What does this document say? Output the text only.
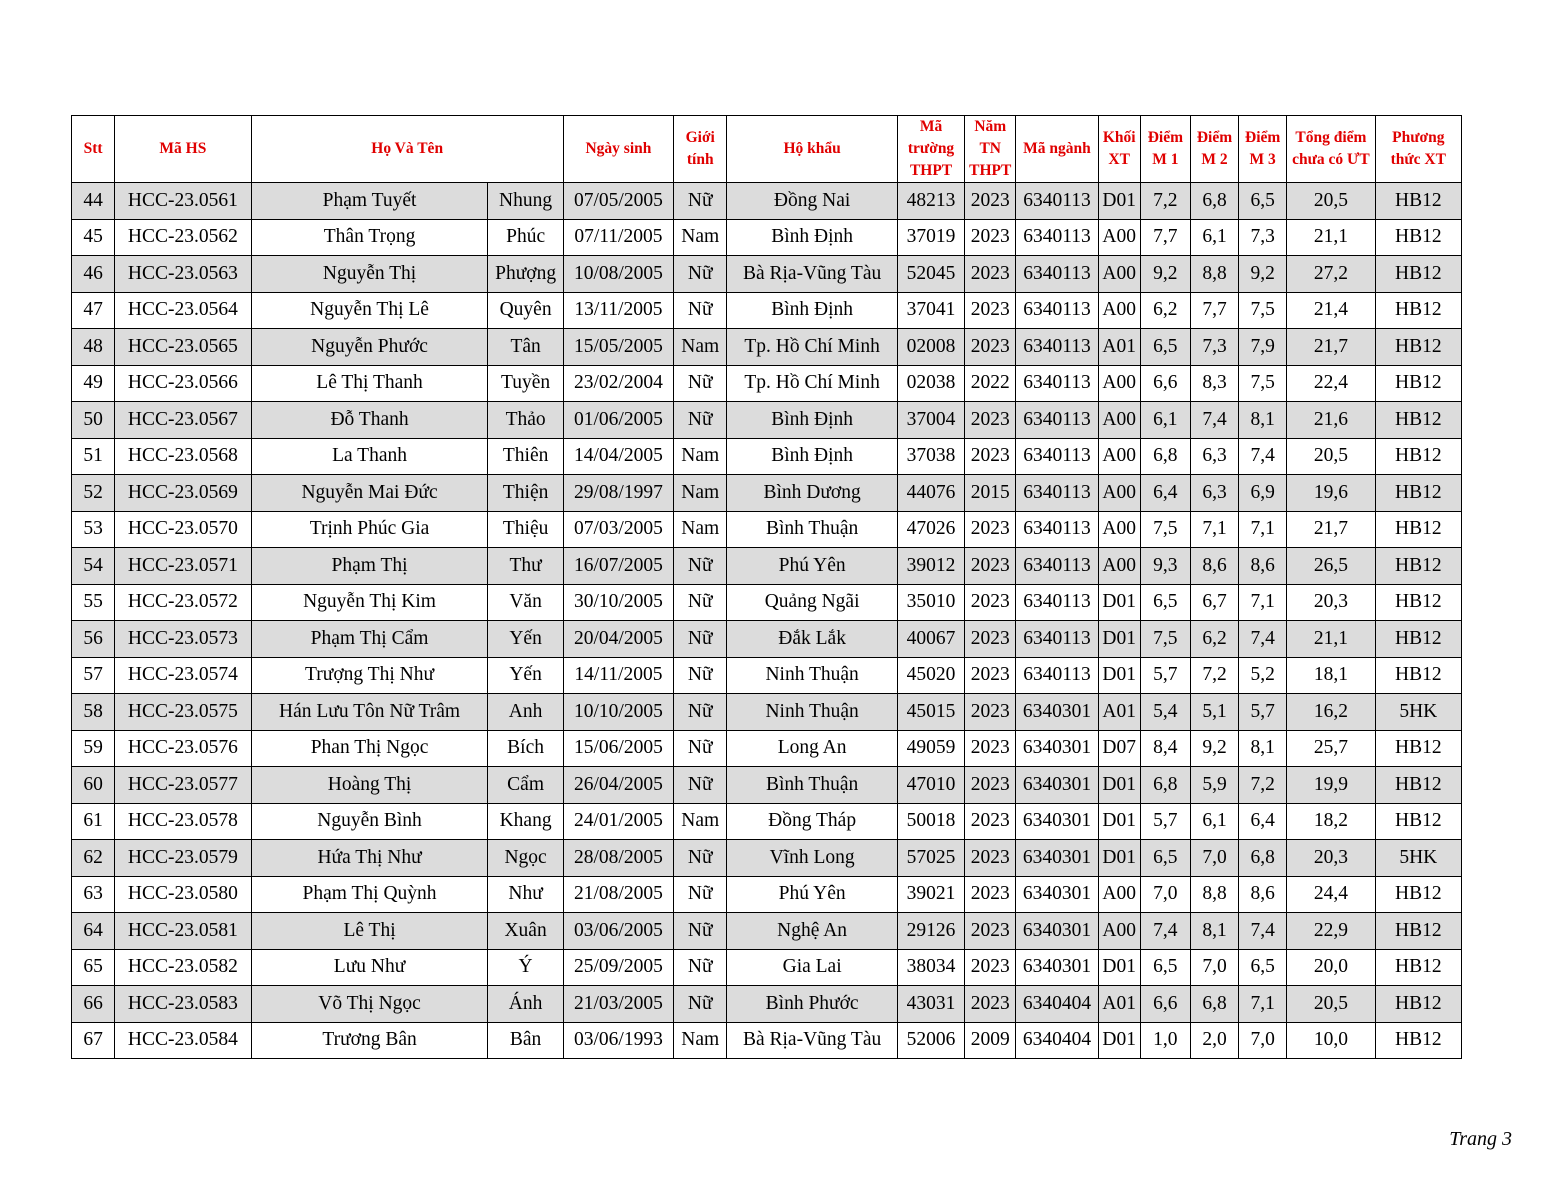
Stt	Mã HS	Họ Và Tên		Ngày sinh	Giới tính	Hộ khẩu	Mã trường THPT	Năm TN THPT	Mã ngành	Khối XT	Điểm M 1	Điểm M 2	Điểm M 3	Tổng điểm chưa có ƯT	Phương thức XT
44	HCC-23.0561	Phạm Tuyết	Nhung	07/05/2005	Nữ	Đồng Nai	48213	2023	6340113	D01	7,2	6,8	6,5	20,5	HB12
45	HCC-23.0562	Thân Trọng	Phúc	07/11/2005	Nam	Bình Định	37019	2023	6340113	A00	7,7	6,1	7,3	21,1	HB12
46	HCC-23.0563	Nguyễn Thị	Phượng	10/08/2005	Nữ	Bà Rịa-Vũng Tàu	52045	2023	6340113	A00	9,2	8,8	9,2	27,2	HB12
47	HCC-23.0564	Nguyễn Thị Lê	Quyên	13/11/2005	Nữ	Bình Định	37041	2023	6340113	A00	6,2	7,7	7,5	21,4	HB12
48	HCC-23.0565	Nguyễn Phước	Tân	15/05/2005	Nam	Tp. Hồ Chí Minh	02008	2023	6340113	A01	6,5	7,3	7,9	21,7	HB12
49	HCC-23.0566	Lê Thị Thanh	Tuyền	23/02/2004	Nữ	Tp. Hồ Chí Minh	02038	2022	6340113	A00	6,6	8,3	7,5	22,4	HB12
50	HCC-23.0567	Đỗ Thanh	Thảo	01/06/2005	Nữ	Bình Định	37004	2023	6340113	A00	6,1	7,4	8,1	21,6	HB12
51	HCC-23.0568	La Thanh	Thiên	14/04/2005	Nam	Bình Định	37038	2023	6340113	A00	6,8	6,3	7,4	20,5	HB12
52	HCC-23.0569	Nguyễn Mai Đức	Thiện	29/08/1997	Nam	Bình Dương	44076	2015	6340113	A00	6,4	6,3	6,9	19,6	HB12
53	HCC-23.0570	Trịnh Phúc Gia	Thiệu	07/03/2005	Nam	Bình Thuận	47026	2023	6340113	A00	7,5	7,1	7,1	21,7	HB12
54	HCC-23.0571	Phạm Thị	Thư	16/07/2005	Nữ	Phú Yên	39012	2023	6340113	A00	9,3	8,6	8,6	26,5	HB12
55	HCC-23.0572	Nguyễn Thị Kim	Văn	30/10/2005	Nữ	Quảng Ngãi	35010	2023	6340113	D01	6,5	6,7	7,1	20,3	HB12
56	HCC-23.0573	Phạm Thị Cẩm	Yến	20/04/2005	Nữ	Đắk Lắk	40067	2023	6340113	D01	7,5	6,2	7,4	21,1	HB12
57	HCC-23.0574	Trượng Thị Như	Yến	14/11/2005	Nữ	Ninh Thuận	45020	2023	6340113	D01	5,7	7,2	5,2	18,1	HB12
58	HCC-23.0575	Hán Lưu Tôn Nữ Trâm	Anh	10/10/2005	Nữ	Ninh Thuận	45015	2023	6340301	A01	5,4	5,1	5,7	16,2	5HK
59	HCC-23.0576	Phan Thị Ngọc	Bích	15/06/2005	Nữ	Long An	49059	2023	6340301	D07	8,4	9,2	8,1	25,7	HB12
60	HCC-23.0577	Hoàng Thị	Cẩm	26/04/2005	Nữ	Bình Thuận	47010	2023	6340301	D01	6,8	5,9	7,2	19,9	HB12
61	HCC-23.0578	Nguyễn Bình	Khang	24/01/2005	Nam	Đồng Tháp	50018	2023	6340301	D01	5,7	6,1	6,4	18,2	HB12
62	HCC-23.0579	Hứa Thị Như	Ngọc	28/08/2005	Nữ	Vĩnh Long	57025	2023	6340301	D01	6,5	7,0	6,8	20,3	5HK
63	HCC-23.0580	Phạm Thị Quỳnh	Như	21/08/2005	Nữ	Phú Yên	39021	2023	6340301	A00	7,0	8,8	8,6	24,4	HB12
64	HCC-23.0581	Lê Thị	Xuân	03/06/2005	Nữ	Nghệ An	29126	2023	6340301	A00	7,4	8,1	7,4	22,9	HB12
65	HCC-23.0582	Lưu Như	Ý	25/09/2005	Nữ	Gia Lai	38034	2023	6340301	D01	6,5	7,0	6,5	20,0	HB12
66	HCC-23.0583	Võ Thị Ngọc	Ánh	21/03/2005	Nữ	Bình Phước	43031	2023	6340404	A01	6,6	6,8	7,1	20,5	HB12
67	HCC-23.0584	Trương Bân	Bân	03/06/1993	Nam	Bà Rịa-Vũng Tàu	52006	2009	6340404	D01	1,0	2,0	7,0	10,0	HB12
Trang 3
